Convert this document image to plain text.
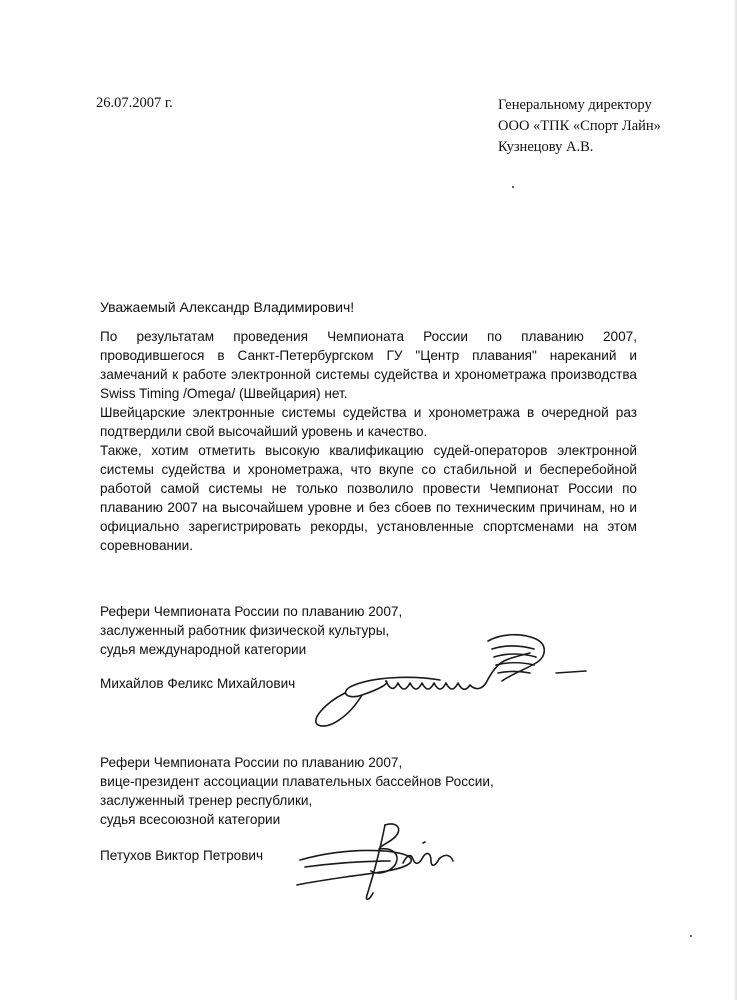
26.07.2007 г.	Генеральному директору
ООО «ТПК «Спорт Лайн»
Кузнецову А.В.
Уважаемый Александр Владимирович!

По результатам проведения Чемпионата России по плаванию 2007, проводившегося в Санкт-Петербургском ГУ "Центр плавания" нареканий и замечаний к работе электронной системы судейства и хронометража производства Swiss Timing /Omega/ (Швейцария) нет.

Швейцарские электронные системы судейства и хронометража в очередной раз подтвердили свой высочайший уровень и качество.

Также, хотим отметить высокую квалификацию судей-операторов электронной системы судейства и хронометража, что вкупе со стабильной и бесперебойной работой самой системы не только позволило провести Чемпионат России по плаванию 2007 на высочайшем уровне и без сбоев по техническим причинам, но и официально зарегистрировать рекорды, установленные спортсменами на этом соревновании.

Рефери Чемпионата России по плаванию 2007,
заслуженный работник физической культуры,
судья международной категории
Михайлов Феликс Михайлович
Рефери Чемпионата России по плаванию 2007,
вице-президент ассоциации плавательных бассейнов России,
заслуженный тренер республики,
судья всесоюзной категории
Петухов Виктор Петрович
